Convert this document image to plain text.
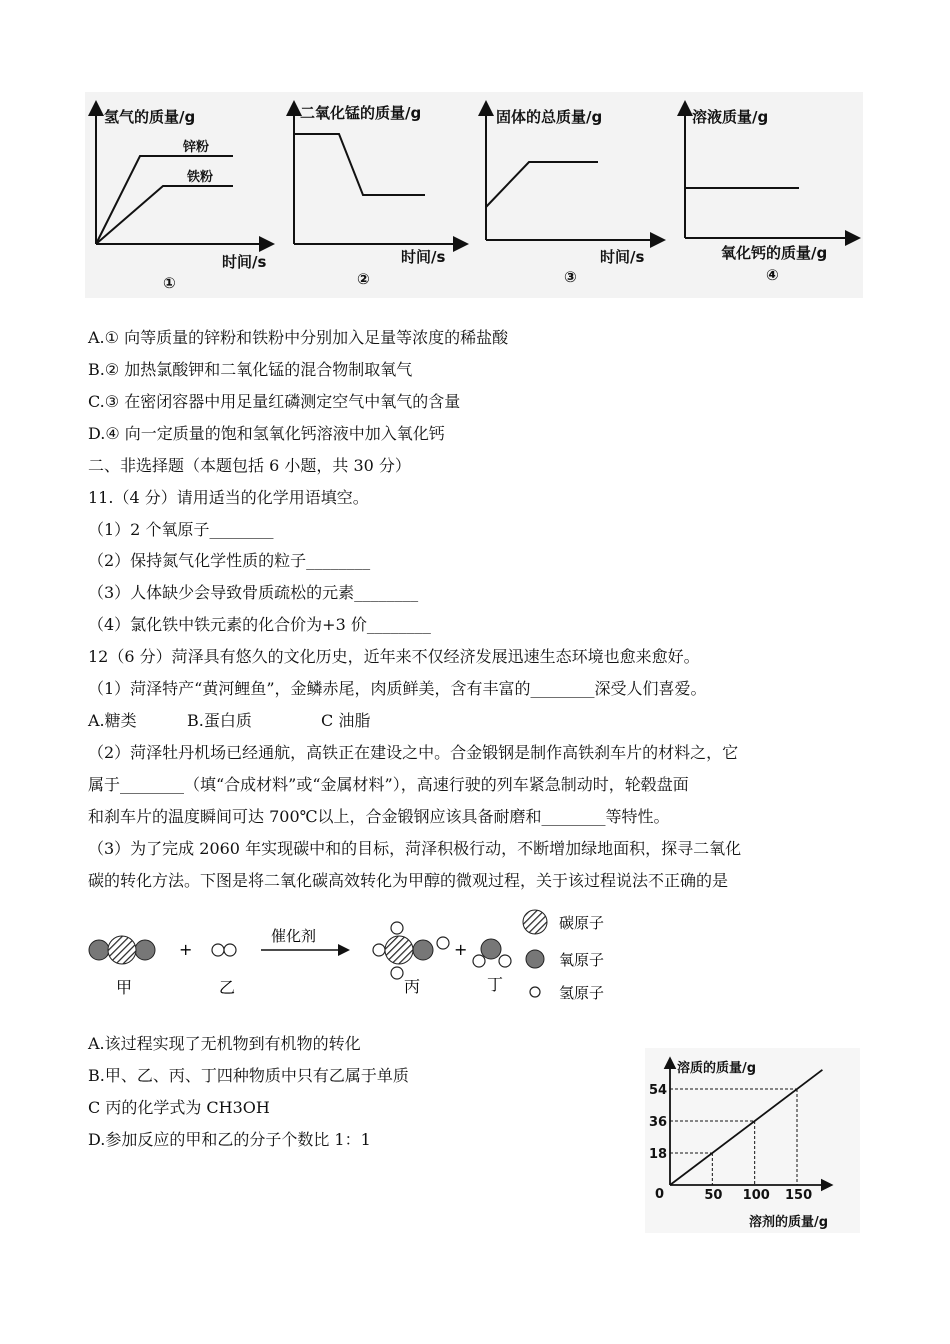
氢气的质量/g
锌粉
铁粉
时间/s
①
二氧化锰的质量/g
时间/s
②
固体的总质量/g
时间/s
③
溶液质量/g
氧化钙的质量/g
④
A.① 向等质量的锌粉和铁粉中分别加入足量等浓度的稀盐酸
B.② 加热氯酸钾和二氧化锰的混合物制取氧气
C.③ 在密闭容器中用足量红磷测定空气中氧气的含量
D.④ 向一定质量的饱和氢氧化钙溶液中加入氧化钙
二、非选择题（本题包括 6 小题，共 30 分）
11.（4 分）请用适当的化学用语填空。
（1）2 个氧原子________
（2）保持氮气化学性质的粒子________
（3）人体缺少会导致骨质疏松的元素________
（4）氯化铁中铁元素的化合价为+3 价________
12（6 分）菏泽具有悠久的文化历史，近年来不仅经济发展迅速生态环境也愈来愈好。
（1）菏泽特产“黄河鲤鱼”，金鳞赤尾，肉质鲜美，含有丰富的________深受人们喜爱。
A.糖类	B.蛋白质	C 油脂
（2）菏泽牡丹机场已经通航，高铁正在建设之中。合金锻钢是制作高铁刹车片的材料之，它
属于________（填“合成材料”或“金属材料”），高速行驶的列车紧急制动时，轮毂盘面
和刹车片的温度瞬间可达 700℃以上，合金锻钢应该具备耐磨和________等特性。
（3）为了完成 2060 年实现碳中和的目标，菏泽积极行动，不断增加绿地面积，探寻二氧化
碳的转化方法。下图是将二氧化碳高效转化为甲醇的微观过程，关于该过程说法不正确的是
+
催化剂
+
甲	乙	丙	丁
碳原子
氧原子
氢原子
A.该过程实现了无机物到有机物的转化
B.甲、乙、丙、丁四种物质中只有乙属于单质
C 丙的化学式为 CH3OH
D.参加反应的甲和乙的分子个数比 1：1
溶质的质量/g
溶剂的质量/g
0	50
18
100
36
150
54
